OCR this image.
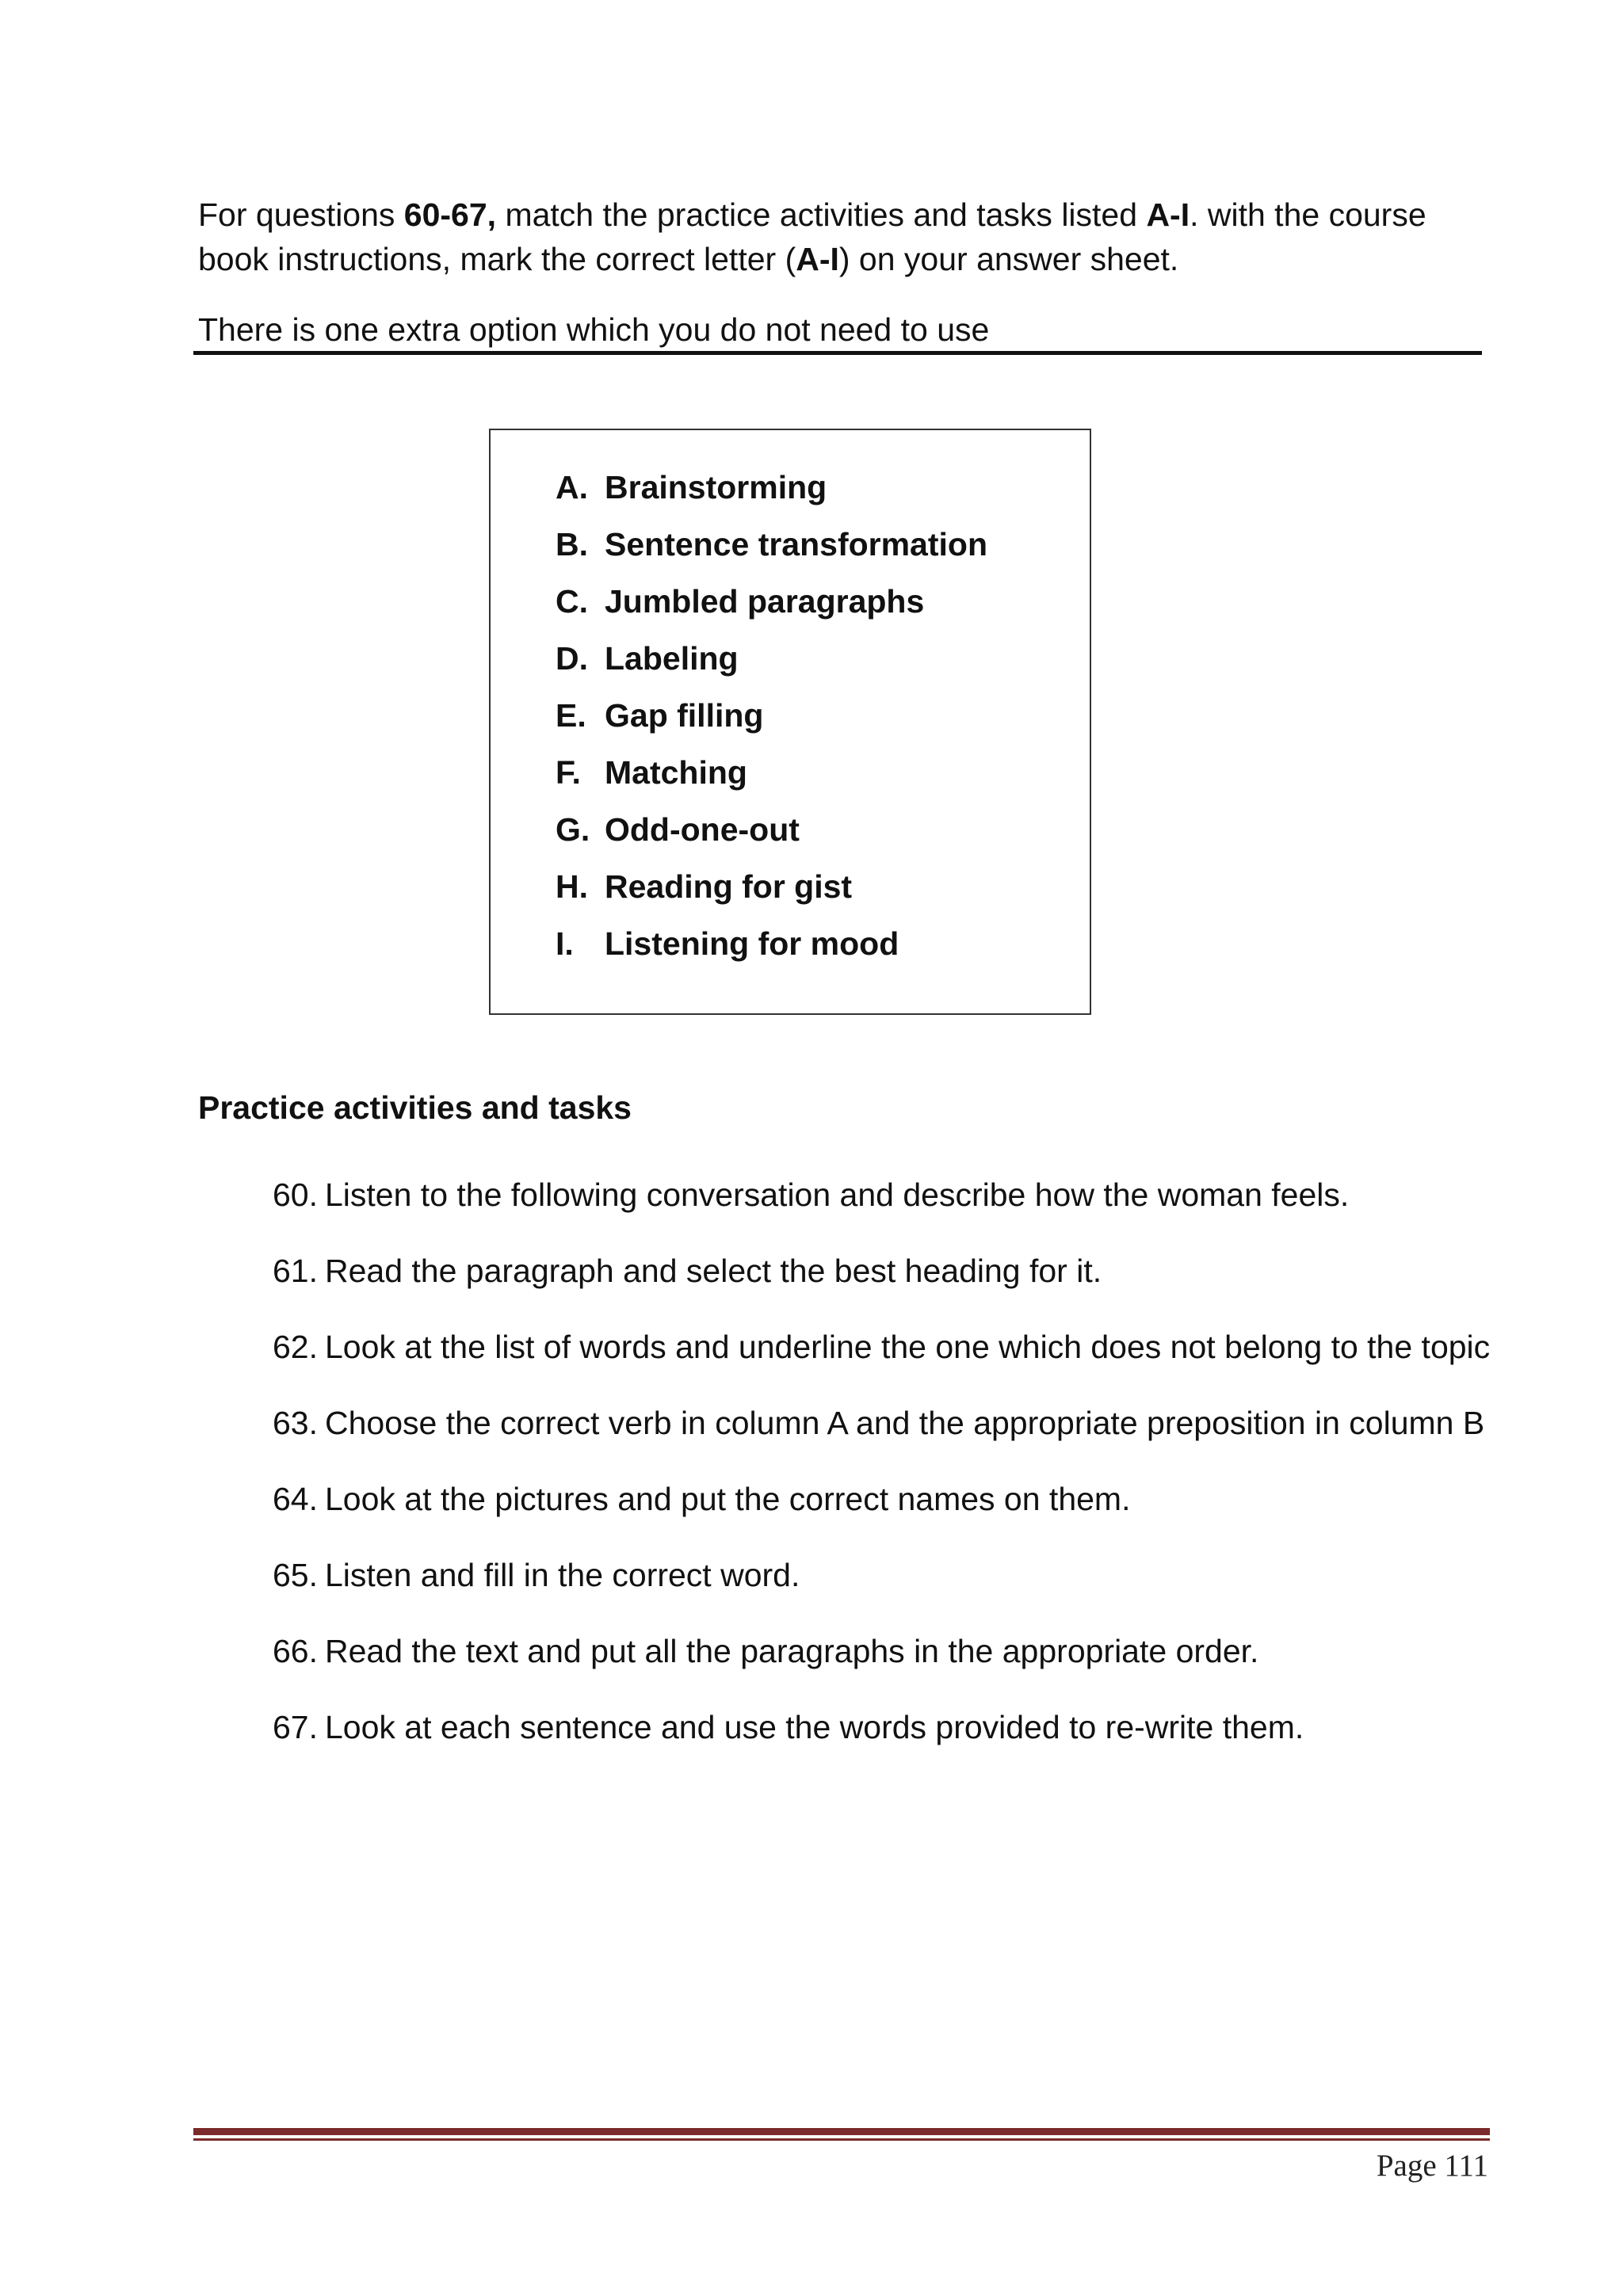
For questions 60-67, match the practice activities and tasks listed A-I. with the course book instructions, mark the correct letter (A-I) on your answer sheet.

There is one extra option which you do not need to use

A. Brainstorming
B. Sentence transformation
C. Jumbled paragraphs
D. Labeling
E. Gap filling
F. Matching
G. Odd-one-out
H. Reading for gist
I. Listening for mood

Practice activities and tasks

60. Listen to the following conversation and describe how the woman feels.
61. Read the paragraph and select the best heading for it.
62. Look at the list of words and underline the one which does not belong to the topic
63. Choose the correct verb in column A and the appropriate preposition in column B
64. Look at the pictures and put the correct names on them.
65. Listen and fill in the correct word.
66. Read the text and put all the paragraphs in the appropriate order.
67. Look at each sentence and use the words provided to re-write them.
Page 111
